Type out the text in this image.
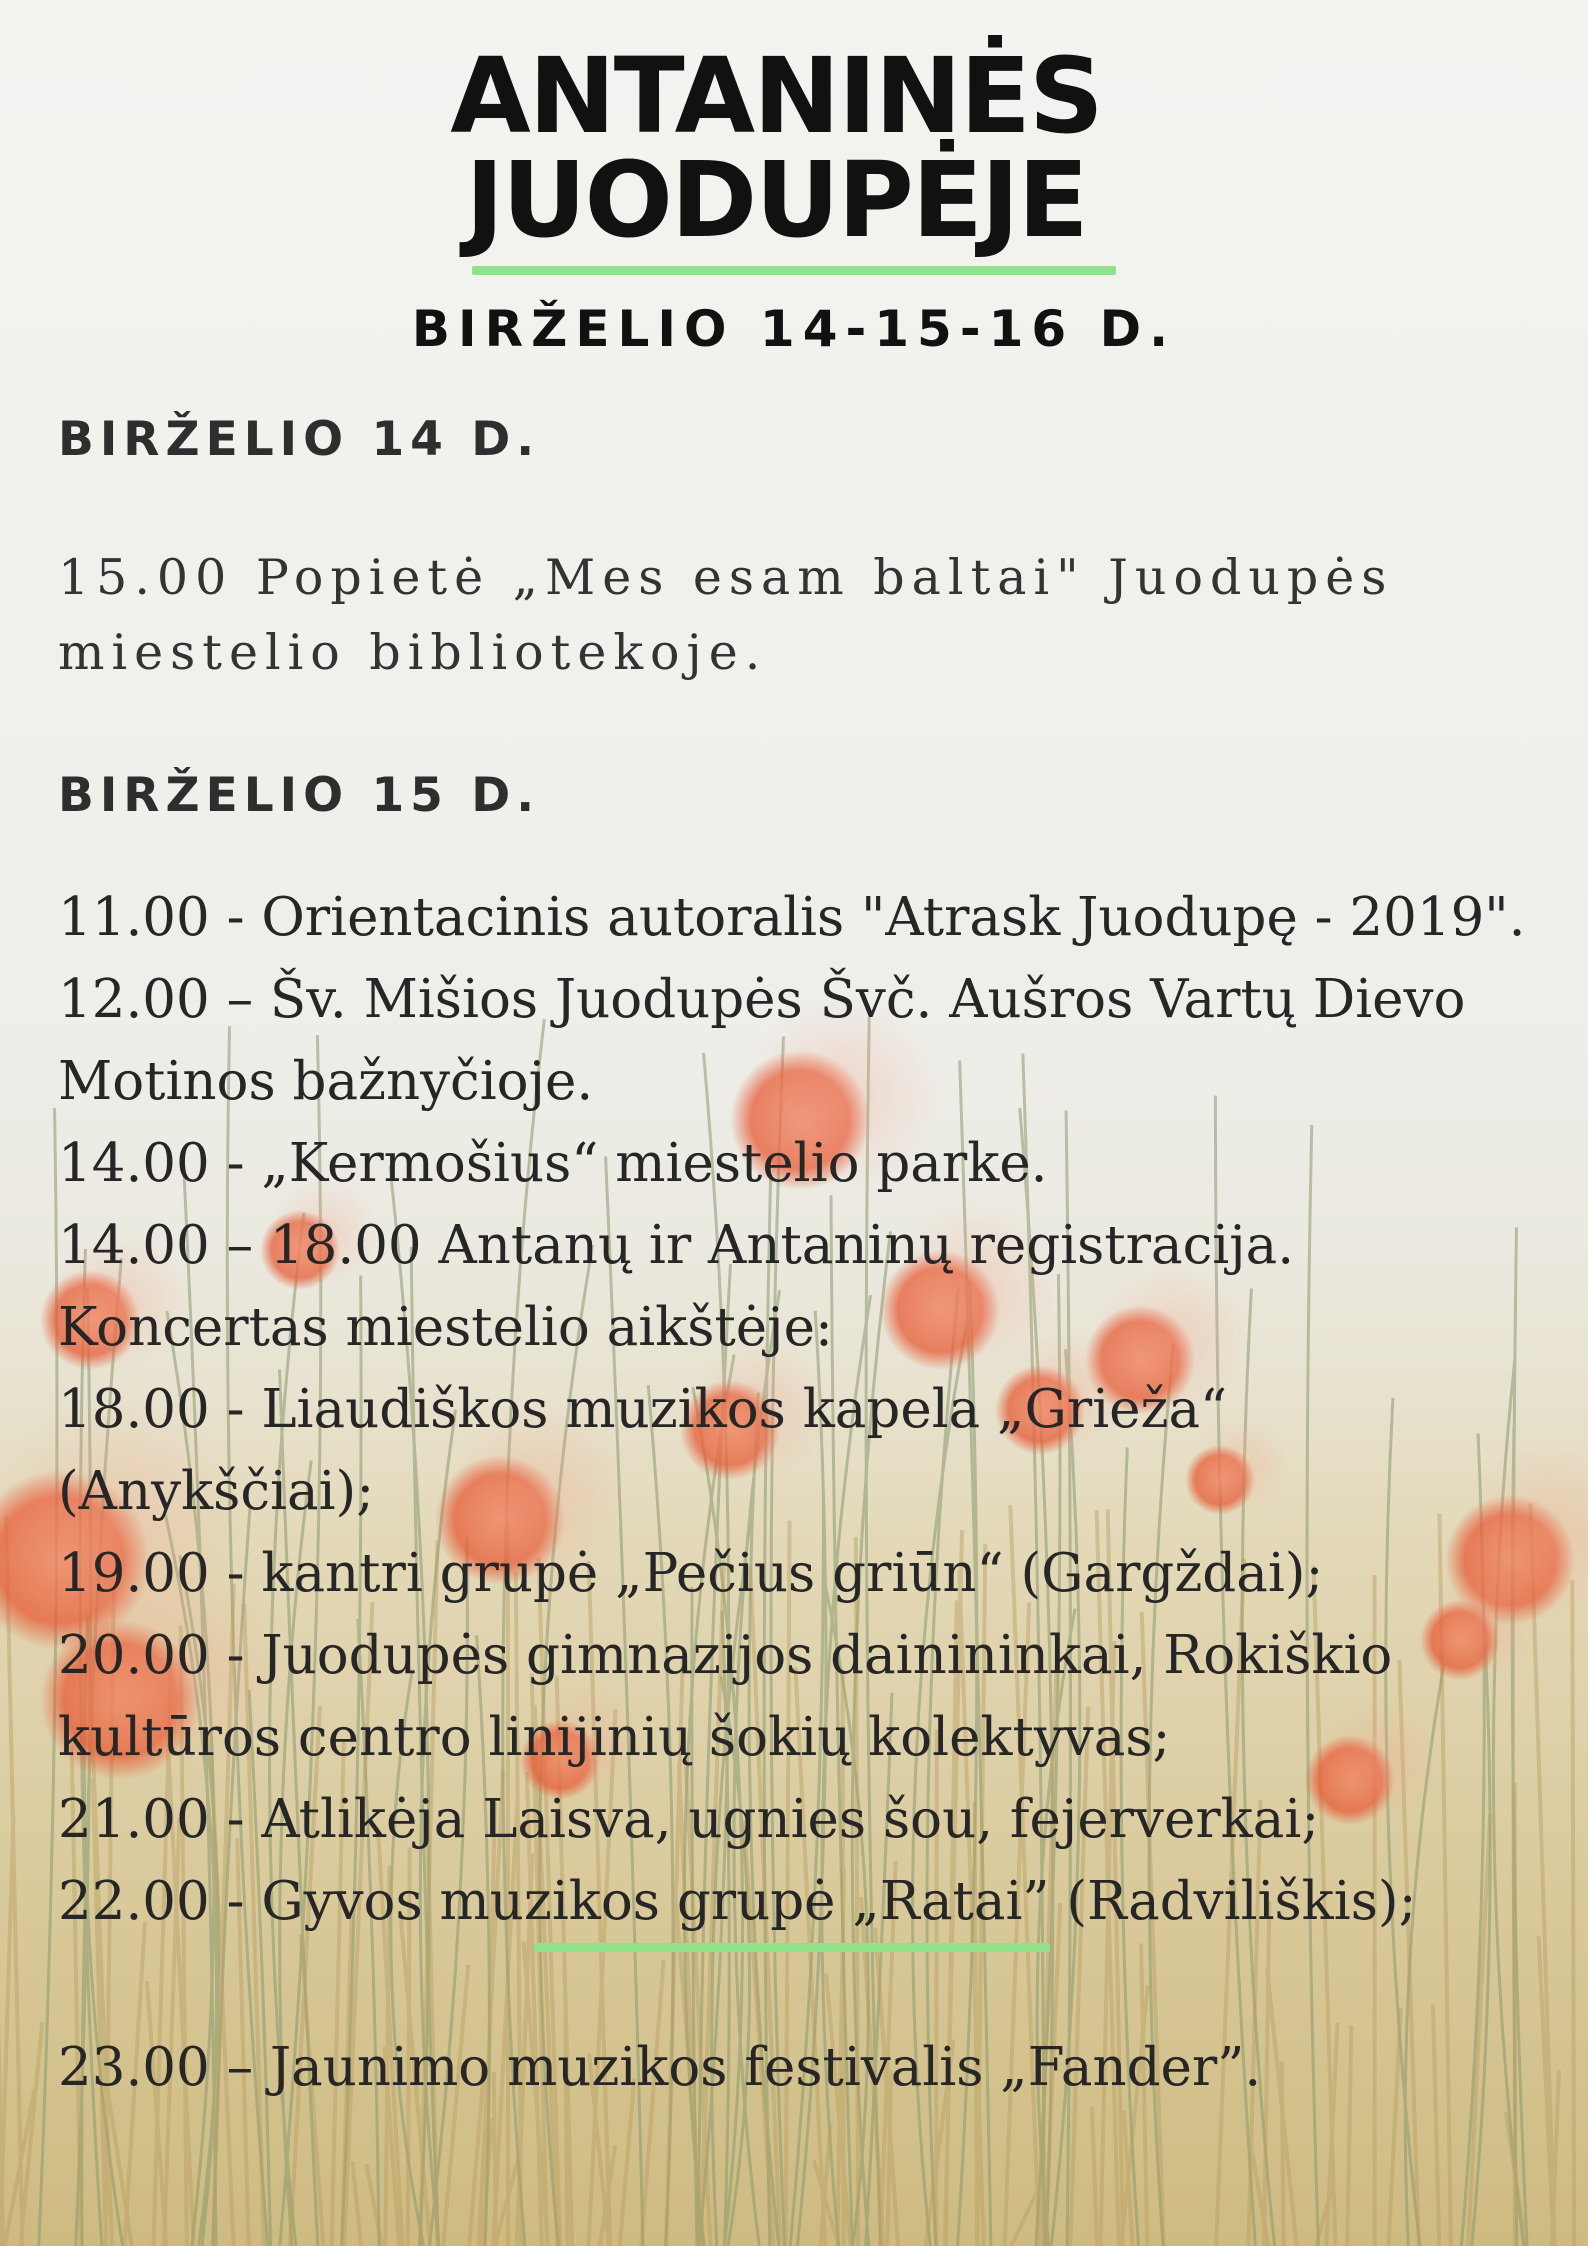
ANTANINĖS
JUODUPĖJE
BIRŽELIO 14-15-16 D.
BIRŽELIO 14 D.
15.00 Popietė „Mes esam baltai" Juodupės
miestelio bibliotekoje.
BIRŽELIO 15 D.
11.00 - Orientacinis autoralis "Atrask Juodupę - 2019".
12.00 – Šv. Mišios Juodupės Švč. Aušros Vartų Dievo
Motinos bažnyčioje.
14.00 - „Kermošius“ miestelio parke.
14.00 – 18.00 Antanų ir Antaninų registracija.
Koncertas miestelio aikštėje:
18.00 - Liaudiškos muzikos kapela „Grieža“
(Anykščiai);
19.00 - kantri grupė „Pečius griūn“ (Gargždai);
20.00 - Juodupės gimnazijos dainininkai, Rokiškio
kultūros centro linijinių šokių kolektyvas;
21.00 - Atlikėja Laisva, ugnies šou, fejerverkai;
22.00 - Gyvos muzikos grupė „Ratai” (Radviliškis);
23.00 – Jaunimo muzikos festivalis „Fander”.
